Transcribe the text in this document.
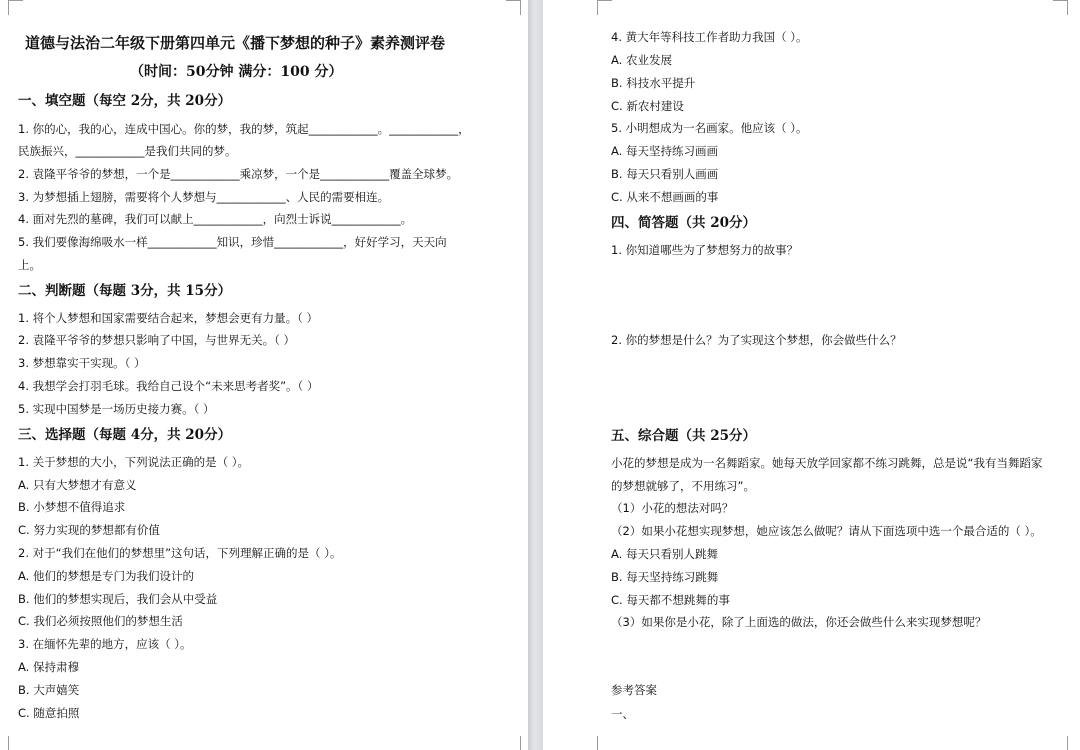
道德与法治二年级下册第四单元《播下梦想的种子》素养测评卷
（时间：50分钟 满分：100 分）
一、填空题（每空 2分，共 20分）
1. 你的心，我的心，连成中国心。你的梦，我的梦，筑起____________。____________，
民族振兴，____________是我们共同的梦。
2. 袁隆平爷爷的梦想，一个是____________乘凉梦，一个是____________覆盖全球梦。
3. 为梦想插上翅膀，需要将个人梦想与____________、人民的需要相连。
4. 面对先烈的墓碑，我们可以献上____________，向烈士诉说____________。
5. 我们要像海绵吸水一样____________知识，珍惜____________，好好学习，天天向
上。
二、判断题（每题 3分，共 15分）
1. 将个人梦想和国家需要结合起来，梦想会更有力量。（ ）
2. 袁隆平爷爷的梦想只影响了中国，与世界无关。（ ）
3. 梦想靠实干实现。（ ）
4. 我想学会打羽毛球。我给自己设个“未来思考者奖”。（ ）
5. 实现中国梦是一场历史接力赛。（ ）
三、选择题（每题 4分，共 20分）
1. 关于梦想的大小，下列说法正确的是（ ）。
A. 只有大梦想才有意义
B. 小梦想不值得追求
C. 努力实现的梦想都有价值
2. 对于“我们在他们的梦想里”这句话，下列理解正确的是（ ）。
A. 他们的梦想是专门为我们设计的
B. 他们的梦想实现后，我们会从中受益
C. 我们必须按照他们的梦想生活
3. 在缅怀先辈的地方，应该（ ）。
A. 保持肃穆
B. 大声嬉笑
C. 随意拍照
4. 黄大年等科技工作者助力我国（ ）。
A. 农业发展
B. 科技水平提升
C. 新农村建设
5. 小明想成为一名画家。他应该（ ）。
A. 每天坚持练习画画
B. 每天只看别人画画
C. 从来不想画画的事
四、简答题（共 20分）
1. 你知道哪些为了梦想努力的故事？
2. 你的梦想是什么？为了实现这个梦想，你会做些什么？
五、综合题（共 25分）
小花的梦想是成为一名舞蹈家。她每天放学回家都不练习跳舞，总是说“我有当舞蹈家
的梦想就够了，不用练习”。
（1）小花的想法对吗？
（2）如果小花想实现梦想，她应该怎么做呢？请从下面选项中选一个最合适的（ ）。
A. 每天只看别人跳舞
B. 每天坚持练习跳舞
C. 每天都不想跳舞的事
（3）如果你是小花，除了上面选的做法，你还会做些什么来实现梦想呢？
参考答案
一、
